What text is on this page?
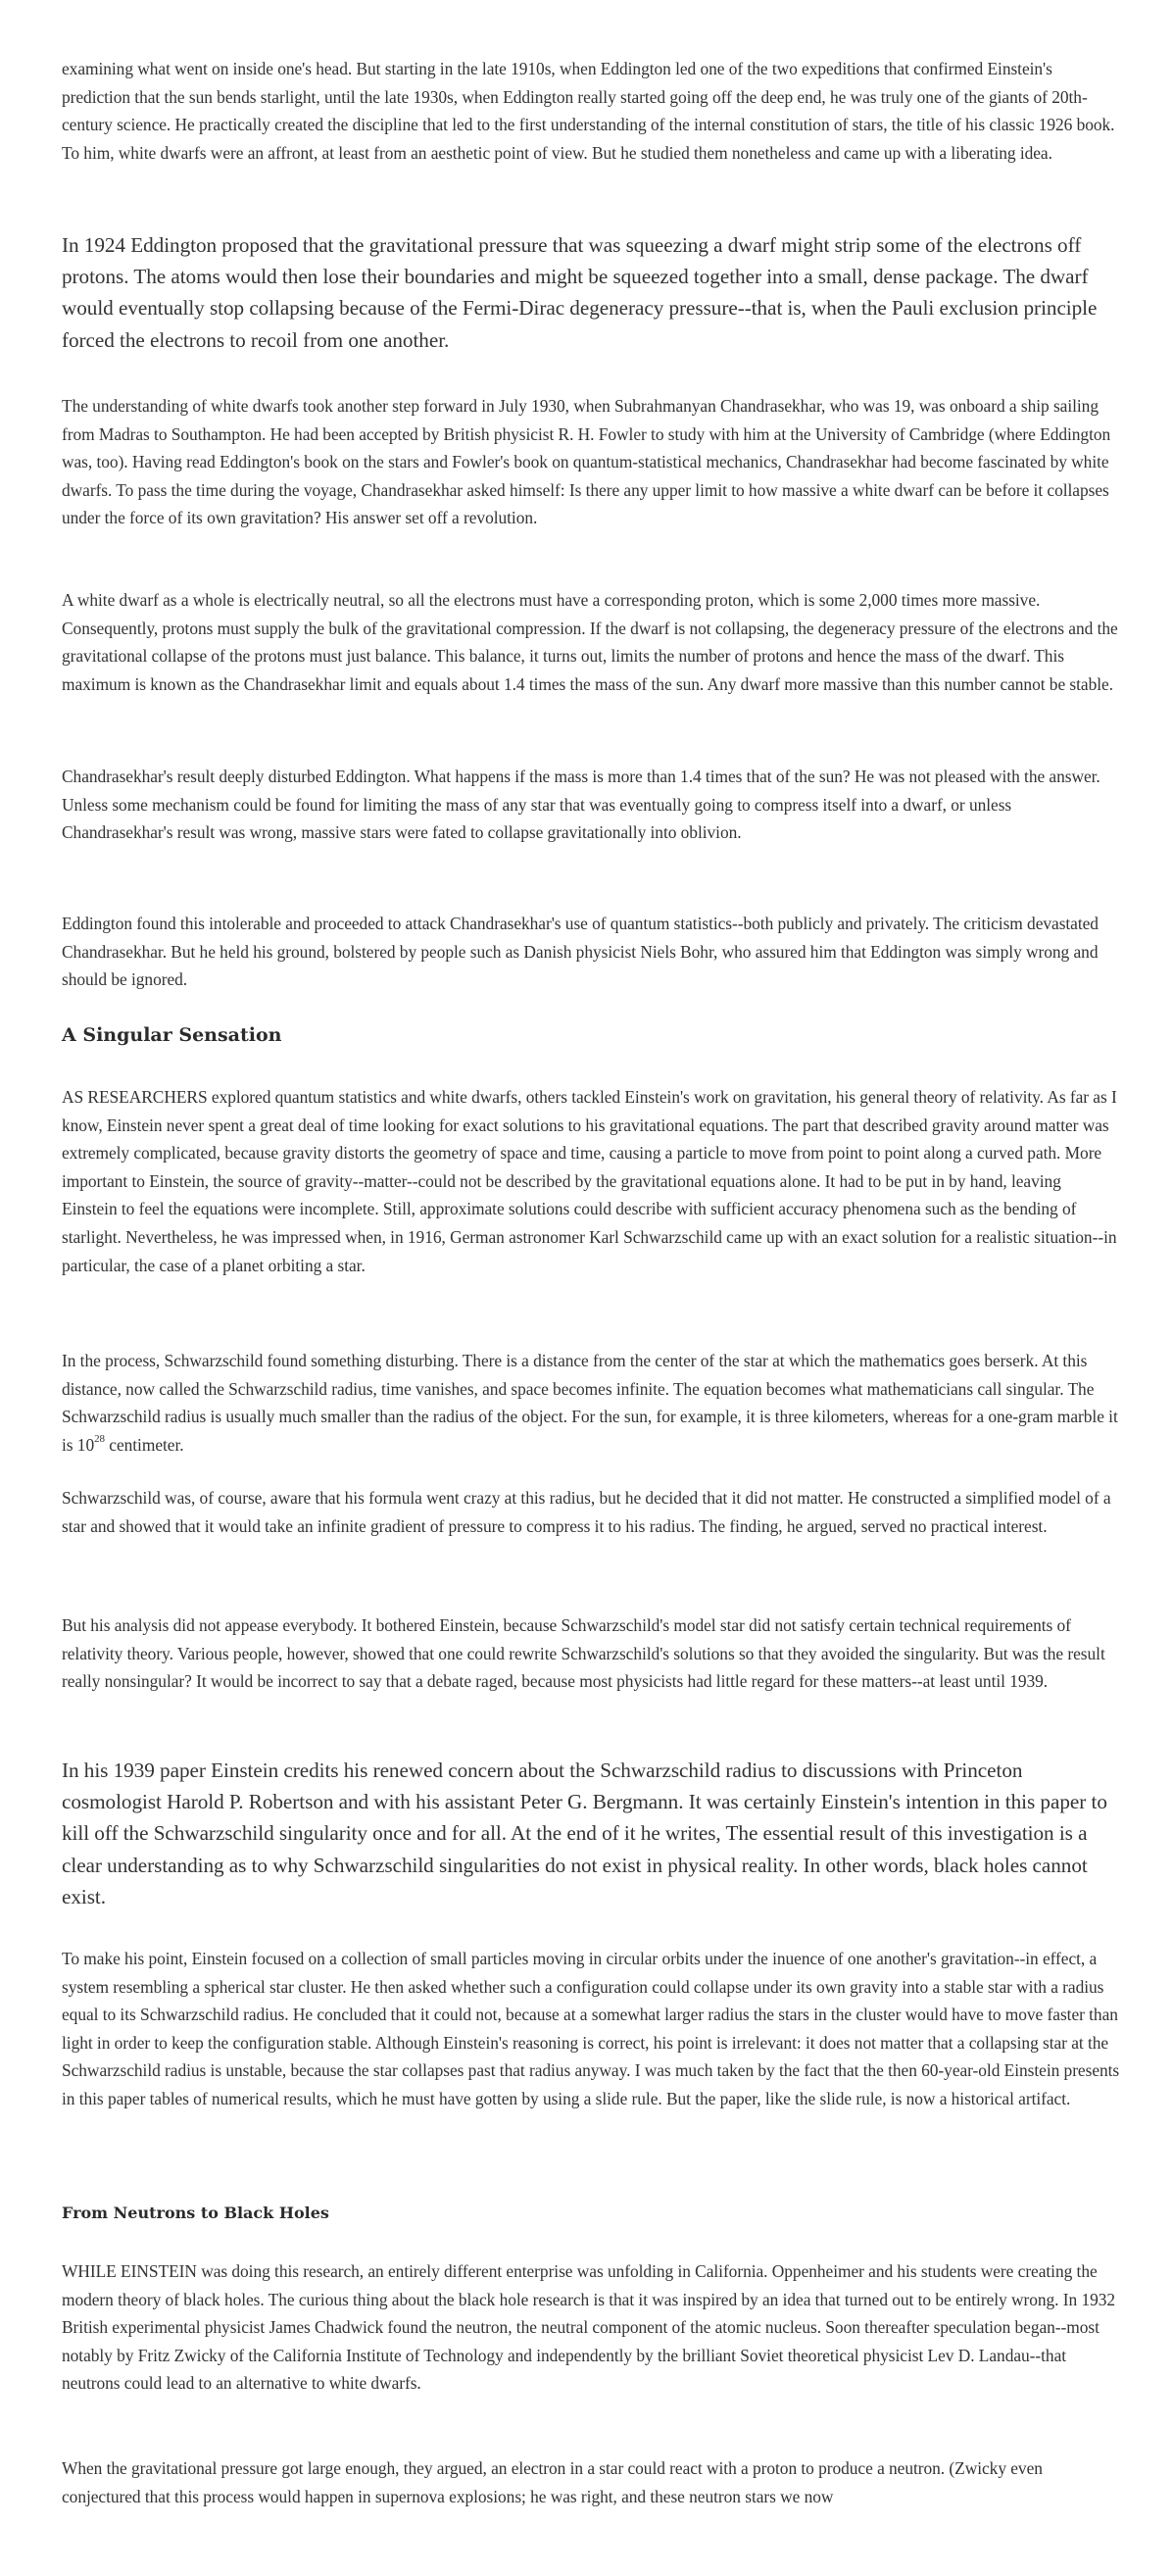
examining what went on inside one's head. But starting in the late 1910s, when Eddington led one of the two expeditions that confirmed Einstein's prediction that the sun bends starlight, until the late 1930s, when Eddington really started going off the deep end, he was truly one of the giants of 20th-century science. He practically created the discipline that led to the first understanding of the internal constitution of stars, the title of his classic 1926 book. To him, white dwarfs were an affront, at least from an aesthetic point of view. But he studied them nonetheless and came up with a liberating idea.

In 1924 Eddington proposed that the gravitational pressure that was squeezing a dwarf might strip some of the electrons off protons. The atoms would then lose their boundaries and might be squeezed together into a small, dense package. The dwarf would eventually stop collapsing because of the Fermi-Dirac degeneracy pressure--that is, when the Pauli exclusion principle forced the electrons to recoil from one another.

The understanding of white dwarfs took another step forward in July 1930, when Subrahmanyan Chandrasekhar, who was 19, was onboard a ship sailing from Madras to Southampton. He had been accepted by British physicist R. H. Fowler to study with him at the University of Cambridge (where Eddington was, too). Having read Eddington's book on the stars and Fowler's book on quantum-statistical mechanics, Chandrasekhar had become fascinated by white dwarfs. To pass the time during the voyage, Chandrasekhar asked himself: Is there any upper limit to how massive a white dwarf can be before it collapses under the force of its own gravitation? His answer set off a revolution.

A white dwarf as a whole is electrically neutral, so all the electrons must have a corresponding proton, which is some 2,000 times more massive. Consequently, protons must supply the bulk of the gravitational compression. If the dwarf is not collapsing, the degeneracy pressure of the electrons and the gravitational collapse of the protons must just balance. This balance, it turns out, limits the number of protons and hence the mass of the dwarf. This maximum is known as the Chandrasekhar limit and equals about 1.4 times the mass of the sun. Any dwarf more massive than this number cannot be stable.

Chandrasekhar's result deeply disturbed Eddington. What happens if the mass is more than 1.4 times that of the sun? He was not pleased with the answer. Unless some mechanism could be found for limiting the mass of any star that was eventually going to compress itself into a dwarf, or unless Chandrasekhar's result was wrong, massive stars were fated to collapse gravitationally into oblivion.

Eddington found this intolerable and proceeded to attack Chandrasekhar's use of quantum statistics--both publicly and privately. The criticism devastated Chandrasekhar. But he held his ground, bolstered by people such as Danish physicist Niels Bohr, who assured him that Eddington was simply wrong and should be ignored.

A Singular Sensation

AS RESEARCHERS explored quantum statistics and white dwarfs, others tackled Einstein's work on gravitation, his general theory of relativity. As far as I know, Einstein never spent a great deal of time looking for exact solutions to his gravitational equations. The part that described gravity around matter was extremely complicated, because gravity distorts the geometry of space and time, causing a particle to move from point to point along a curved path. More important to Einstein, the source of gravity--matter--could not be described by the gravitational equations alone. It had to be put in by hand, leaving Einstein to feel the equations were incomplete. Still, approximate solutions could describe with sufficient accuracy phenomena such as the bending of starlight. Nevertheless, he was impressed when, in 1916, German astronomer Karl Schwarzschild came up with an exact solution for a realistic situation--in particular, the case of a planet orbiting a star.

In the process, Schwarzschild found something disturbing. There is a distance from the center of the star at which the mathematics goes berserk. At this distance, now called the Schwarzschild radius, time vanishes, and space becomes infinite. The equation becomes what mathematicians call singular. The Schwarzschild radius is usually much smaller than the radius of the object. For the sun, for example, it is three kilometers, whereas for a one-gram marble it is $10^{28}$ centimeter.

Schwarzschild was, of course, aware that his formula went crazy at this radius, but he decided that it did not matter. He constructed a simplified model of a star and showed that it would take an infinite gradient of pressure to compress it to his radius. The finding, he argued, served no practical interest.

But his analysis did not appease everybody. It bothered Einstein, because Schwarzschild's model star did not satisfy certain technical requirements of relativity theory. Various people, however, showed that one could rewrite Schwarzschild's solutions so that they avoided the singularity. But was the result really nonsingular? It would be incorrect to say that a debate raged, because most physicists had little regard for these matters--at least until 1939.

In his 1939 paper Einstein credits his renewed concern about the Schwarzschild radius to discussions with Princeton cosmologist Harold P. Robertson and with his assistant Peter G. Bergmann. It was certainly Einstein's intention in this paper to kill off the Schwarzschild singularity once and for all. At the end of it he writes, The essential result of this investigation is a clear understanding as to why Schwarzschild singularities do not exist in physical reality. In other words, black holes cannot exist.

To make his point, Einstein focused on a collection of small particles moving in circular orbits under the inuence of one another's gravitation--in effect, a system resembling a spherical star cluster. He then asked whether such a configuration could collapse under its own gravity into a stable star with a radius equal to its Schwarzschild radius. He concluded that it could not, because at a somewhat larger radius the stars in the cluster would have to move faster than light in order to keep the configuration stable. Although Einstein's reasoning is correct, his point is irrelevant: it does not matter that a collapsing star at the Schwarzschild radius is unstable, because the star collapses past that radius anyway. I was much taken by the fact that the then 60-year-old Einstein presents in this paper tables of numerical results, which he must have gotten by using a slide rule. But the paper, like the slide rule, is now a historical artifact.

From Neutrons to Black Holes

WHILE EINSTEIN was doing this research, an entirely different enterprise was unfolding in California. Oppenheimer and his students were creating the modern theory of black holes. The curious thing about the black hole research is that it was inspired by an idea that turned out to be entirely wrong. In 1932 British experimental physicist James Chadwick found the neutron, the neutral component of the atomic nucleus. Soon thereafter speculation began--most notably by Fritz Zwicky of the California Institute of Technology and independently by the brilliant Soviet theoretical physicist Lev D. Landau--that neutrons could lead to an alternative to white dwarfs.

When the gravitational pressure got large enough, they argued, an electron in a star could react with a proton to produce a neutron. (Zwicky even conjectured that this process would happen in supernova explosions; he was right, and these neutron stars we now
